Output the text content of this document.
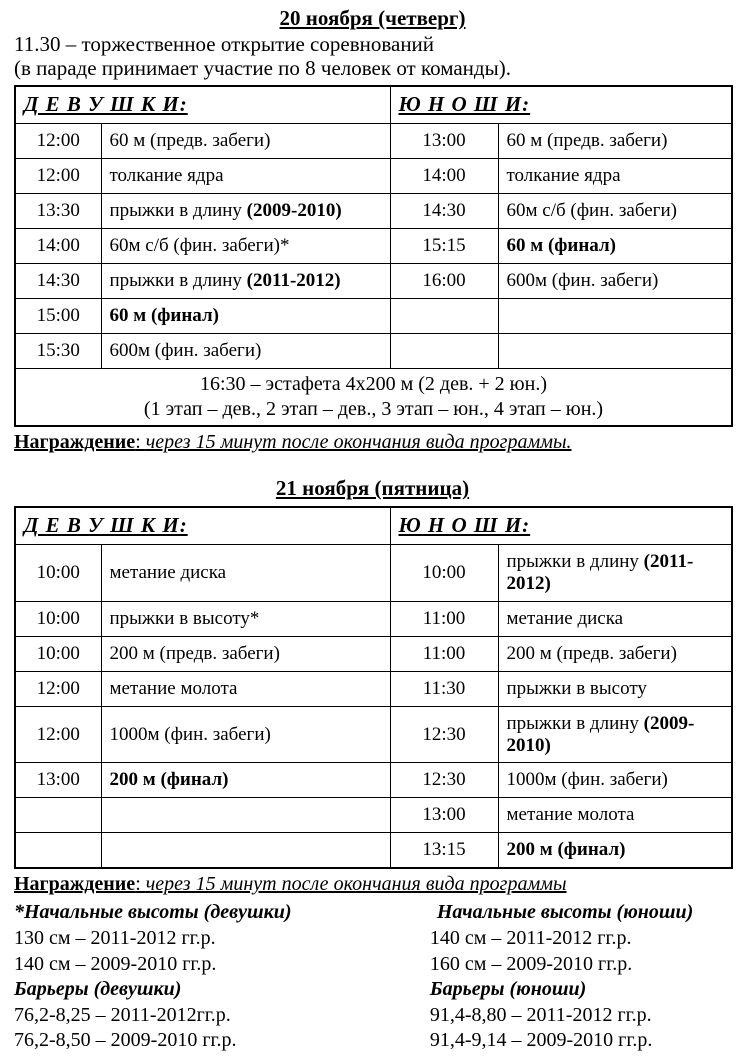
20 ноября (четверг)

11.30 – торжественное открытие соревнований

(в параде принимает участие по 8 человек от команды).

Д Е В У Ш К И:		Ю Н О Ш И:	
12:00	60 м (предв. забеги)	13:00	60 м (предв. забеги)
12:00	толкание ядра	14:00	толкание ядра
13:30	прыжки в длину (2009-2010)	14:30	60м с/б (фин. забеги)
14:00	60м с/б (фин. забеги)*	15:15	60 м (финал)
14:30	прыжки в длину (2011-2012)	16:00	600м (фин. забеги)
15:00	60 м (финал)		
15:30	600м (фин. забеги)		

16:30 – эстафета 4х200 м (2 дев. + 2 юн.)
(1 этап – дев., 2 этап – дев., 3 этап – юн., 4 этап – юн.)			

Награждение: через 15 минут после окончания вида программы.

21 ноября (пятница)
Д Е В У Ш К И:		Ю Н О Ш И:	
10:00	метание диска	10:00	прыжки в длину (2011-2012)
10:00	прыжки в высоту*	11:00	метание диска
10:00	200 м (предв. забеги)	11:00	200 м (предв. забеги)
12:00	метание молота	11:30	прыжки в высоту
12:00	1000м (фин. забеги)	12:30	прыжки в длину (2009-2010)
13:00	200 м (финал)	12:30	1000м (фин. забеги)
		13:00	метание молота
		13:15	200 м (финал)

Награждение: через 15 минут после окончания вида программы

*Начальные высоты (девушки)

130 см – 2011-2012 гг.р.

140 см – 2009-2010 гг.р.

Барьеры (девушки)

76,2-8,25 – 2011-2012гг.р.

76,2-8,50 – 2009-2010 гг.р.

Начальные высоты (юноши)

140 см – 2011-2012 гг.р.

160 см – 2009-2010 гг.р.

Барьеры (юноши)

91,4-8,80 – 2011-2012 гг.р.

91,4-9,14 – 2009-2010 гг.р.
